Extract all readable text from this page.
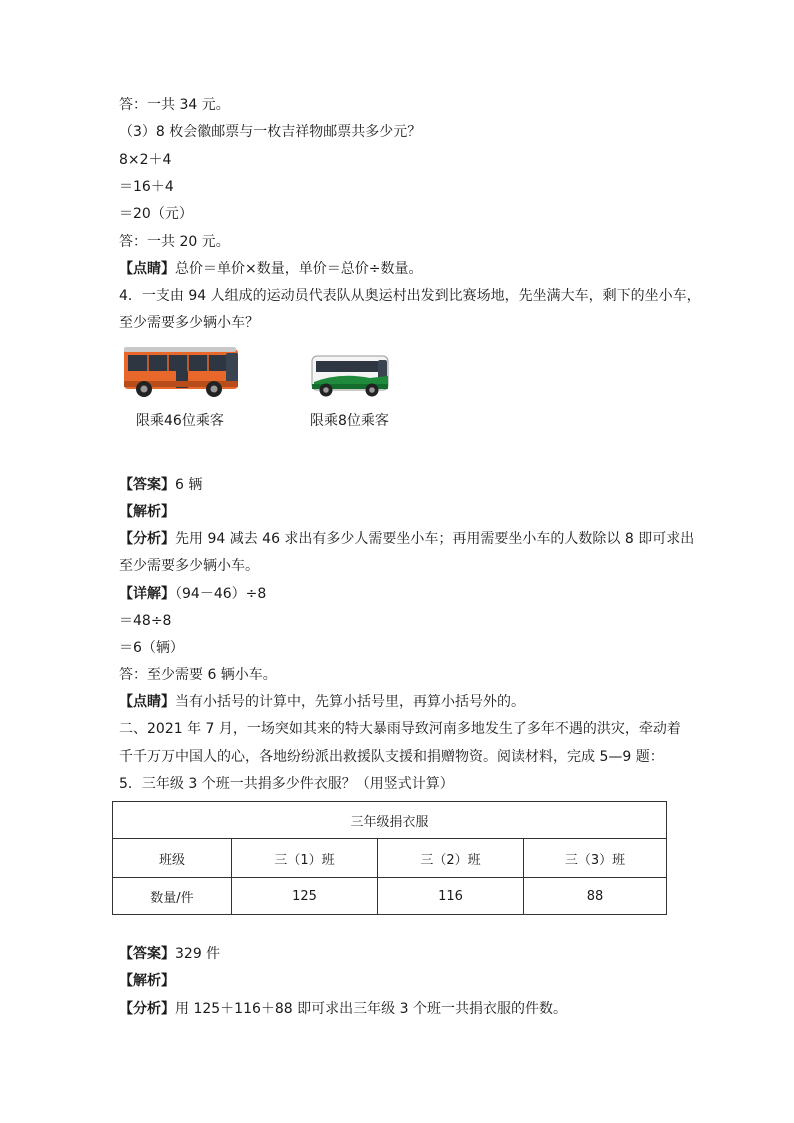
答：一共 34 元。
（3）8 枚会徽邮票与一枚吉祥物邮票共多少元？
8×2＋4
＝16＋4
＝20（元）
答：一共 20 元。
【点睛】总价＝单价×数量，单价＝总价÷数量。
4．一支由 94 人组成的运动员代表队从奥运村出发到比赛场地，先坐满大车，剩下的坐小车，
至少需要多少辆小车？
限乘46位乘客	限乘8位乘客
【答案】6 辆
【解析】
【分析】先用 94 减去 46 求出有多少人需要坐小车；再用需要坐小车的人数除以 8 即可求出
至少需要多少辆小车。
【详解】（94－46）÷8
＝48÷8
＝6（辆）
答：至少需要 6 辆小车。
【点睛】当有小括号的计算中，先算小括号里，再算小括号外的。
二、2021 年 7 月，一场突如其来的特大暴雨导致河南多地发生了多年不遇的洪灾，牵动着
千千万万中国人的心，各地纷纷派出救援队支援和捐赠物资。阅读材料，完成 5—9 题：
5．三年级 3 个班一共捐多少件衣服？（用竖式计算）
三年级捐衣服			
班级	三（1）班	三（2）班	三（3）班
数量/件	125	116	88
【答案】329 件
【解析】
【分析】用 125＋116＋88 即可求出三年级 3 个班一共捐衣服的件数。
